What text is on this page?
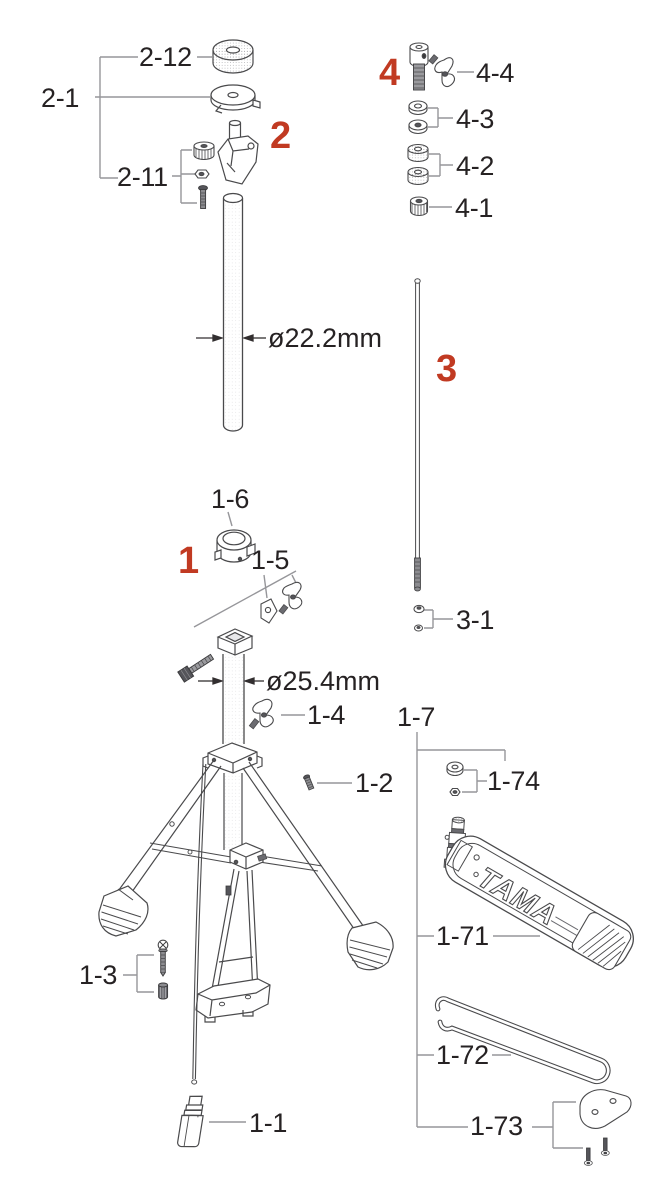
TAMA
2-12
2-1
2-11
2
4	4-4
4-3
4-2
4-1
ø22.2mm
3
3-1
1-6
1 1-5
ø25.4mm
1-4 1-7
1-2	1-74
1-71
1-72
1-3
1-73
1-1
